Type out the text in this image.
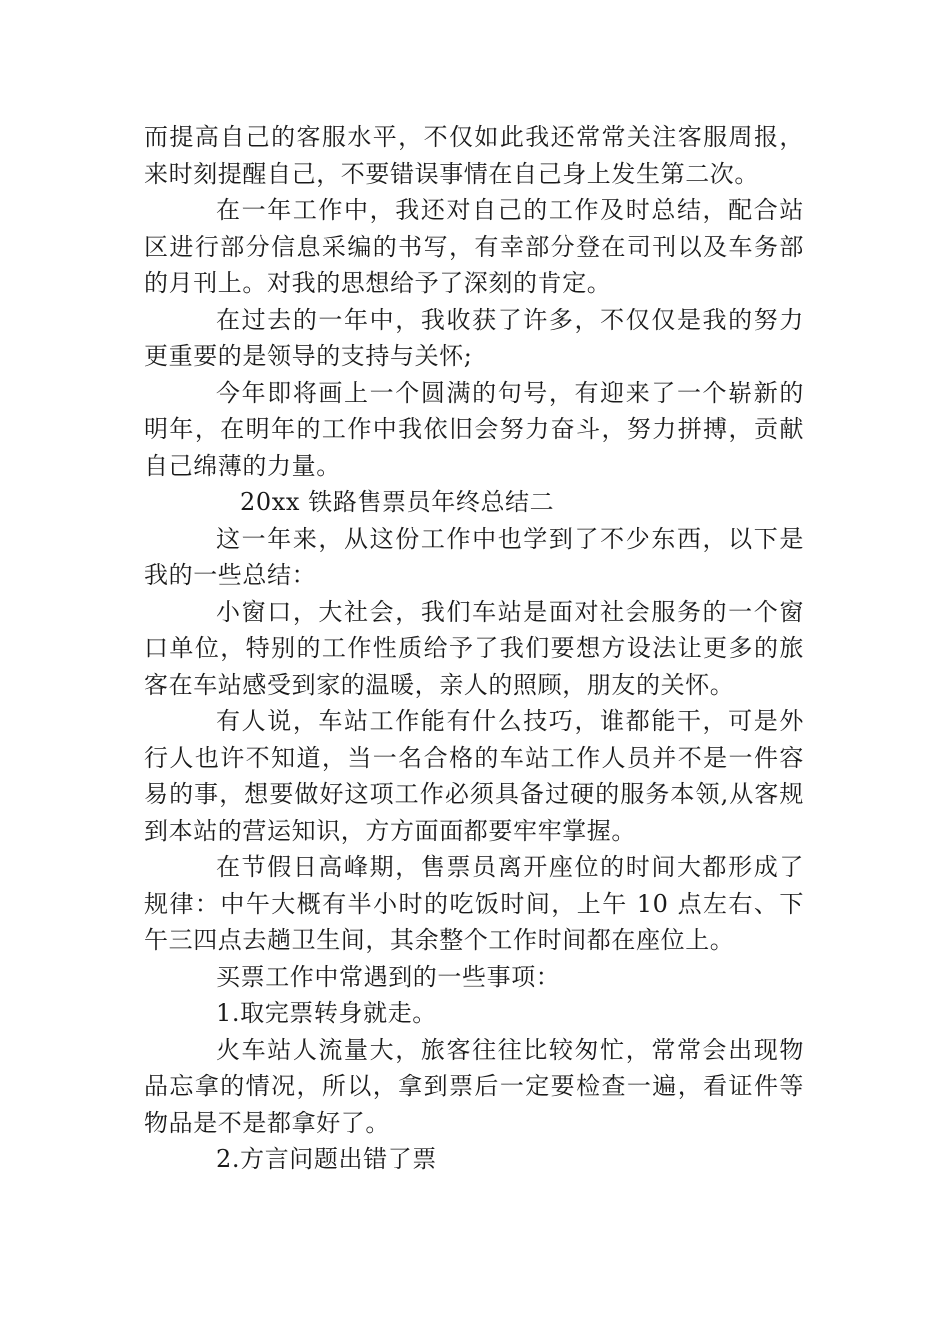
而提高自己的客服水平，不仅如此我还常常关注客服周报，来时刻提醒自己，不要错误事情在自己身上发生第二次。

在一年工作中，我还对自己的工作及时总结，配合站区进行部分信息采编的书写，有幸部分登在司刊以及车务部的月刊上。对我的思想给予了深刻的肯定。

在过去的一年中，我收获了许多，不仅仅是我的努力更重要的是领导的支持与关怀;

今年即将画上一个圆满的句号，有迎来了一个崭新的明年，在明年的工作中我依旧会努力奋斗，努力拼搏，贡献自己绵薄的力量。

20xx 铁路售票员年终总结二

这一年来，从这份工作中也学到了不少东西，以下是我的一些总结：

小窗口，大社会，我们车站是面对社会服务的一个窗口单位，特别的工作性质给予了我们要想方设法让更多的旅客在车站感受到家的温暖，亲人的照顾，朋友的关怀。

有人说，车站工作能有什么技巧，谁都能干，可是外行人也许不知道，当一名合格的车站工作人员并不是一件容易的事，想要做好这项工作必须具备过硬的服务本领,从客规到本站的营运知识，方方面面都要牢牢掌握。

在节假日高峰期，售票员离开座位的时间大都形成了规律：中午大概有半小时的吃饭时间，上午 10 点左右、下午三四点去趟卫生间，其余整个工作时间都在座位上。

买票工作中常遇到的一些事项：

1.取完票转身就走。

火车站人流量大，旅客往往比较匆忙，常常会出现物品忘拿的情况，所以，拿到票后一定要检查一遍，看证件等物品是不是都拿好了。

2.方言问题出错了票
